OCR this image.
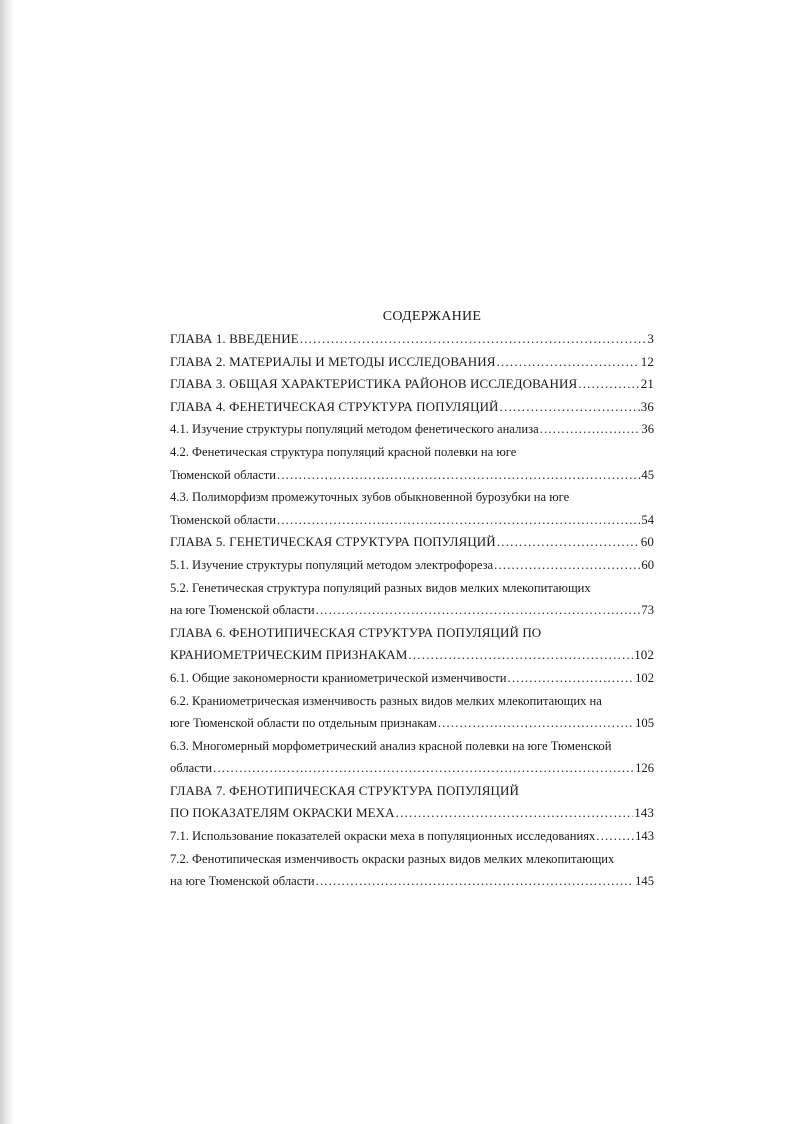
СОДЕРЖАНИЕ
ГЛАВА 1. ВВЕДЕНИЕ .....	3
ГЛАВА 2. МАТЕРИАЛЫ И МЕТОДЫ ИССЛЕДОВАНИЯ .....	12
ГЛАВА 3. ОБЩАЯ ХАРАКТЕРИСТИКА РАЙОНОВ ИССЛЕДОВАНИЯ .....	21
ГЛАВА 4. ФЕНЕТИЧЕСКАЯ СТРУКТУРА ПОПУЛЯЦИЙ .....	36
4.1. Изучение структуры популяций методом фенетического анализа .....	36
4.2. Фенетическая структура популяций красной полевки на юге
Тюменской области .....	45
4.3. Полиморфизм промежуточных зубов обыкновенной бурозубки на юге
Тюменской области .....	54
ГЛАВА 5. ГЕНЕТИЧЕСКАЯ СТРУКТУРА ПОПУЛЯЦИЙ .....	60
5.1. Изучение структуры популяций методом электрофореза .....	60
5.2. Генетическая структура популяций разных видов мелких млекопитающих
на юге Тюменской области .....	73
ГЛАВА 6. ФЕНОТИПИЧЕСКАЯ СТРУКТУРА ПОПУЛЯЦИЙ ПО
КРАНИОМЕТРИЧЕСКИМ ПРИЗНАКАМ .....	102
6.1. Общие закономерности краниометрической изменчивости .....	102
6.2. Краниометрическая изменчивость разных видов мелких млекопитающих на
юге Тюменской области по отдельным признакам .....	105
6.3. Многомерный морфометрический анализ красной полевки на юге Тюменской
области .....	126
ГЛАВА 7. ФЕНОТИПИЧЕСКАЯ СТРУКТУРА ПОПУЛЯЦИЙ
ПО ПОКАЗАТЕЛЯМ ОКРАСКИ МЕХА .....	143
7.1. Использование показателей окраски меха в популяционных исследованиях .....	143
7.2. Фенотипическая изменчивость окраски разных видов мелких млекопитающих
на юге Тюменской области .....	145
